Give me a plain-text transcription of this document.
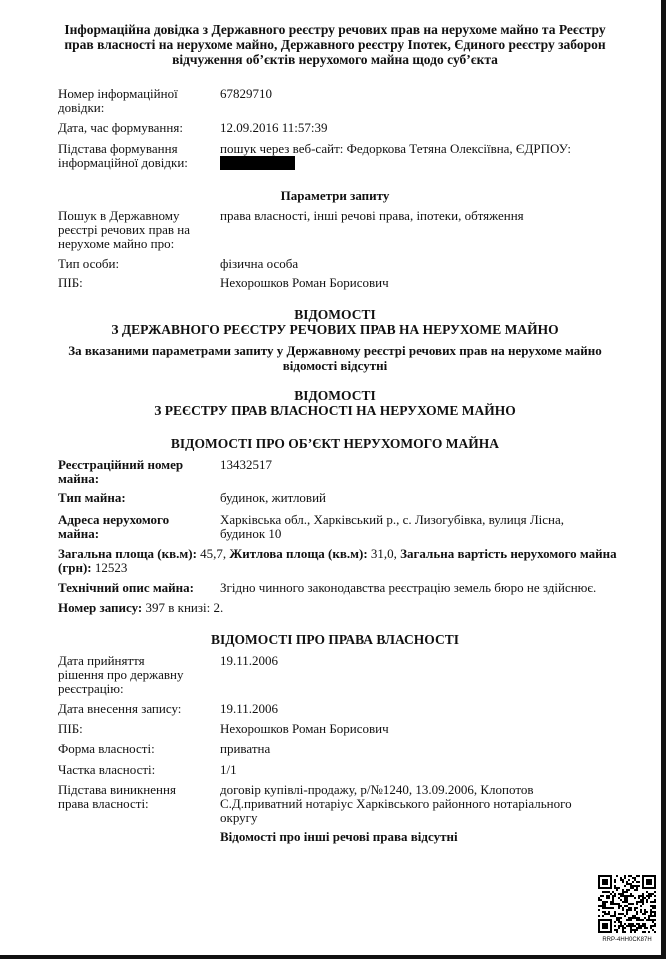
Інформаційна довідка з Державного реєстру речових прав на нерухоме майно та Реєстру
прав власності на нерухоме майно, Державного реєстру Іпотек, Єдиного реєстру заборон
відчуження об’єктів нерухомого майна щодо суб’єкта
Номер інформаційної довідки:
67829710
Дата, час формування:	12.09.2016 11:57:39
Підстава формування інформаційної довідки:
пошук через веб-сайт: Федоркова Тетяна Олексіївна, ЄДРПОУ:
Параметри запиту
Пошук в Державному реєстрі речових прав на нерухоме майно про:
права власності, інші речові права, іпотеки, обтяження
Тип особи:	фізична особа
ПІБ:	Нехорошков Роман Борисович
ВІДОМОСТІ
З ДЕРЖАВНОГО РЕЄСТРУ РЕЧОВИХ ПРАВ НА НЕРУХОМЕ МАЙНО
За вказаними параметрами запиту у Державному реєстрі речових прав на нерухоме майно
відомості відсутні
ВІДОМОСТІ
З РЕЄСТРУ ПРАВ ВЛАСНОСТІ НА НЕРУХОМЕ МАЙНО
ВІДОМОСТІ ПРО ОБ’ЄКТ НЕРУХОМОГО МАЙНА
Реєстраційний номер майна:
13432517
Тип майна:	будинок, житловий
Адреса нерухомого майна:
Харківська обл., Харківський р., с. Лизогубівка, вулиця Лісна, будинок 10
Загальна площа (кв.м): 45,7, Житлова площа (кв.м): 31,0, Загальна вартість нерухомого майна (грн): 12523
Технічний опис майна:	Згідно чинного законодавства реєстрацію земель бюро не здійснює.
Номер запису: 397 в книзі: 2.
ВІДОМОСТІ ПРО ПРАВА ВЛАСНОСТІ
Дата прийняття рішення про державну реєстрацію:
19.11.2006
Дата внесення запису:	19.11.2006
ПІБ:	Нехорошков Роман Борисович
Форма власності:	приватна
Частка власності:	1/1
Підстава виникнення права власності:
договір купівлі-продажу, р/№1240, 13.09.2006, Клопотов С.Д.приватний нотаріус Харківського районного нотаріального округу
Відомості про інші речові права відсутні
RRP-4HH0CK87H
